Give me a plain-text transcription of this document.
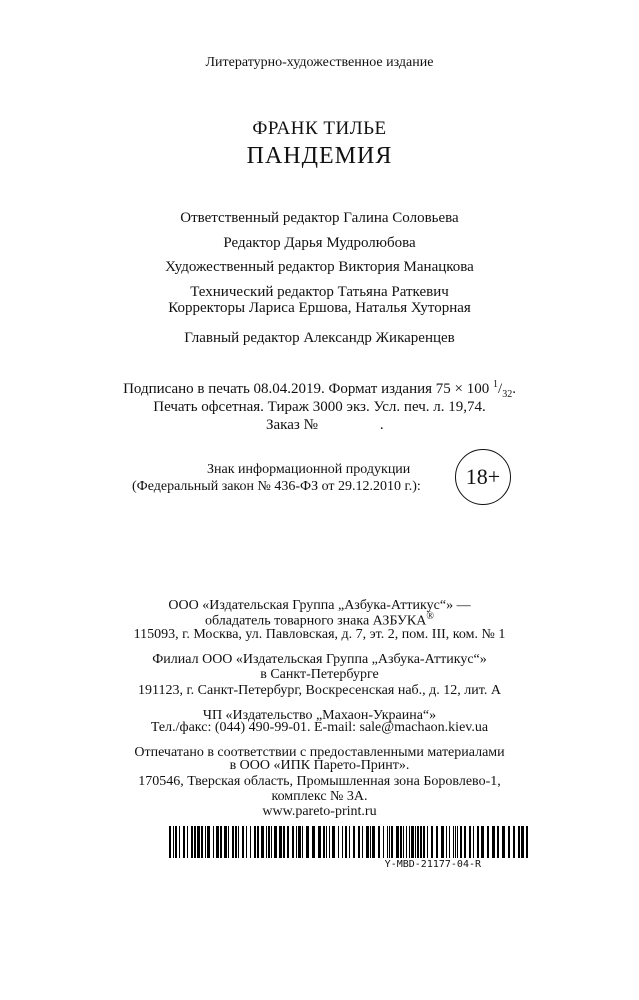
Литературно-художественное издание
ФРАНК ТИЛЬЕ
ПАНДЕМИЯ
Ответственный редактор Галина Соловьева
Редактор Дарья Мудролюбова
Художественный редактор Виктория Манацкова
Технический редактор Татьяна Раткевич
Корректоры Лариса Ершова, Наталья Хуторная
Главный редактор Александр Жикаренцев
Подписано в печать 08.04.2019. Формат издания 75 × 100 $^1/_{32}$.
Печать офсетная. Тираж 3000 экз. Усл. печ. л. 19,74.
Заказ №	.
Знак информационной продукции
(Федеральный закон № 436-ФЗ от 29.12.2010 г.):	18+
ООО «Издательская Группа „Азбука-Аттикус“» —
обладатель товарного знака АЗБУКА®
115093, г. Москва, ул. Павловская, д. 7, эт. 2, пом. III, ком. № 1
Филиал ООО «Издательская Группа „Азбука-Аттикус“»
в Санкт-Петербурге
191123, г. Санкт-Петербург, Воскресенская наб., д. 12, лит. А
ЧП «Издательство „Махаон-Украина“»
Тел./факс: (044) 490-99-01. E-mail: sale@machaon.kiev.ua
Отпечатано в соответствии с предоставленными материалами
в ООО «ИПК Парето-Принт».
170546, Тверская область, Промышленная зона Боровлево-1,
комплекс № 3А.
www.pareto-print.ru
Y-MBD-21177-04-R
